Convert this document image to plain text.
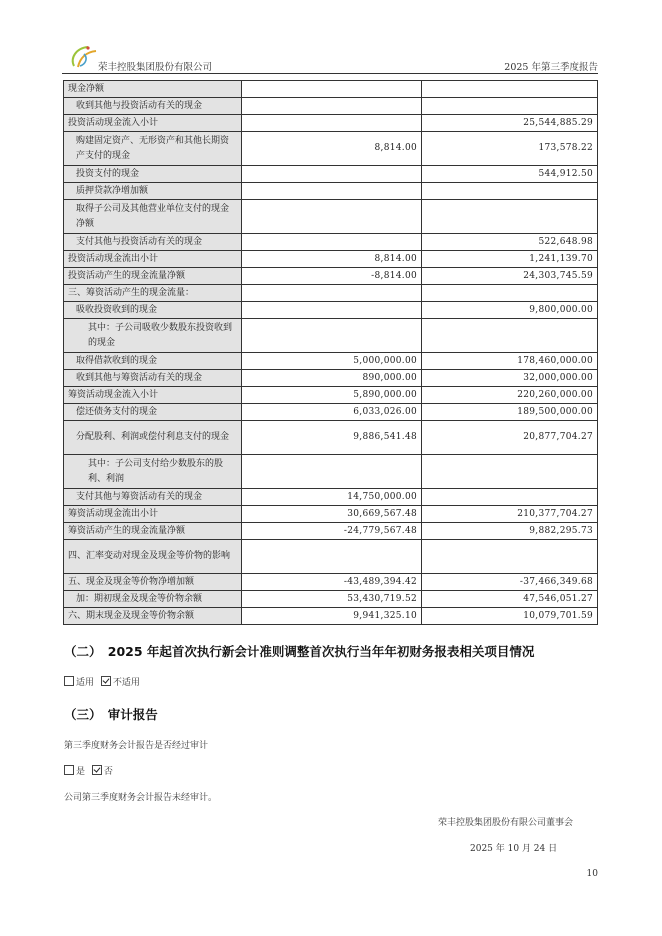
荣丰控股集团股份有限公司	2025 年第三季度报告
现金净额		
收到其他与投资活动有关的现金		
投资活动现金流入小计		25,544,885.29
购建固定资产、无形资产和其他长期资产支付的现金	8,814.00	173,578.22
投资支付的现金		544,912.50
质押贷款净增加额		
取得子公司及其他营业单位支付的现金净额		
支付其他与投资活动有关的现金		522,648.98
投资活动现金流出小计	8,814.00	1,241,139.70
投资活动产生的现金流量净额	-8,814.00	24,303,745.59
三、筹资活动产生的现金流量：		
吸收投资收到的现金		9,800,000.00
其中：子公司吸收少数股东投资收到的现金		
取得借款收到的现金	5,000,000.00	178,460,000.00
收到其他与筹资活动有关的现金	890,000.00	32,000,000.00
筹资活动现金流入小计	5,890,000.00	220,260,000.00
偿还债务支付的现金	6,033,026.00	189,500,000.00
分配股利、利润或偿付利息支付的现金	9,886,541.48	20,877,704.27
其中：子公司支付给少数股东的股利、利润		
支付其他与筹资活动有关的现金	14,750,000.00	
筹资活动现金流出小计	30,669,567.48	210,377,704.27
筹资活动产生的现金流量净额	-24,779,567.48	9,882,295.73
四、汇率变动对现金及现金等价物的影响		
五、现金及现金等价物净增加额	-43,489,394.42	-37,466,349.68
加：期初现金及现金等价物余额	53,430,719.52	47,546,051.27
六、期末现金及现金等价物余额	9,941,325.10	10,079,701.59
（二）　2025 年起首次执行新会计准则调整首次执行当年年初财务报表相关项目情况
适用 不适用
（三）　审计报告
第三季度财务会计报告是否经过审计
是 否
公司第三季度财务会计报告未经审计。
荣丰控股集团股份有限公司董事会
2025 年 10 月 24 日
10
